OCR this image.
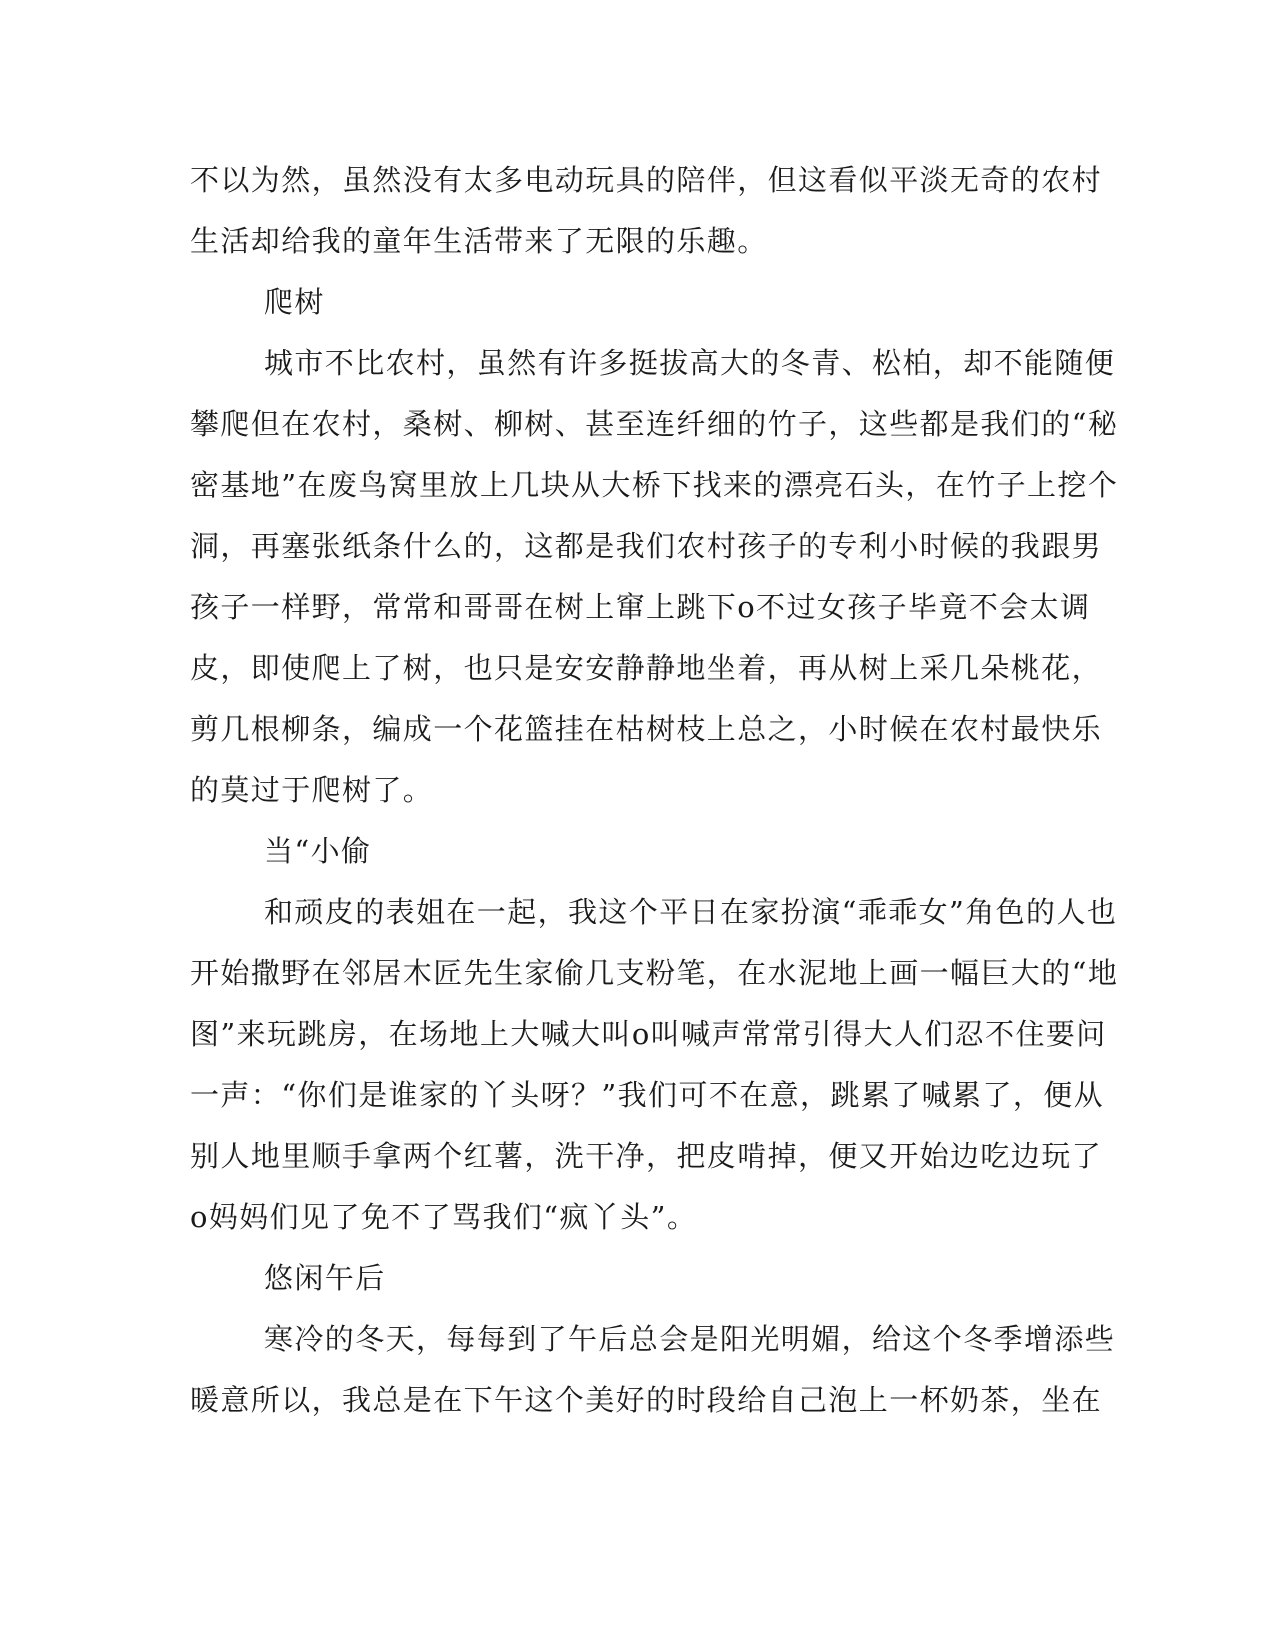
不以为然，虽然没有太多电动玩具的陪伴，但这看似平淡无奇的农村
生活却给我的童年生活带来了无限的乐趣。
爬树
城市不比农村，虽然有许多挺拔高大的冬青、松柏，却不能随便
攀爬但在农村，桑树、柳树、甚至连纤细的竹子，这些都是我们的“秘
密基地”在废鸟窝里放上几块从大桥下找来的漂亮石头，在竹子上挖个
洞，再塞张纸条什么的，这都是我们农村孩子的专利小时候的我跟男
孩子一样野，常常和哥哥在树上窜上跳下o不过女孩子毕竟不会太调
皮，即使爬上了树，也只是安安静静地坐着，再从树上采几朵桃花，
剪几根柳条，编成一个花篮挂在枯树枝上总之，小时候在农村最快乐
的莫过于爬树了。
当“小偷
和顽皮的表姐在一起，我这个平日在家扮演“乖乖女”角色的人也
开始撒野在邻居木匠先生家偷几支粉笔，在水泥地上画一幅巨大的“地
图”来玩跳房，在场地上大喊大叫o叫喊声常常引得大人们忍不住要问
一声：“你们是谁家的丫头呀？”我们可不在意，跳累了喊累了，便从
别人地里顺手拿两个红薯，洗干净，把皮啃掉，便又开始边吃边玩了
o妈妈们见了免不了骂我们“疯丫头”。
悠闲午后
寒冷的冬天，每每到了午后总会是阳光明媚，给这个冬季增添些
暖意所以，我总是在下午这个美好的时段给自己泡上一杯奶茶，坐在
